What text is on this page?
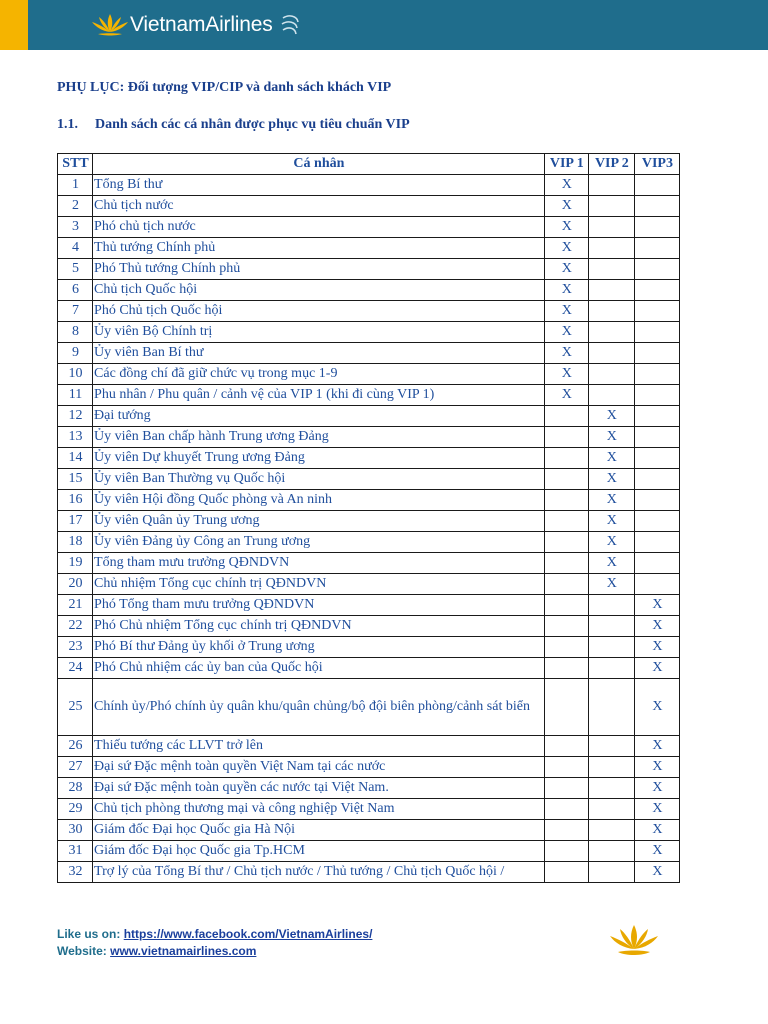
VietnamAirlines
PHỤ LỤC: Đối tượng VIP/CIP và danh sách khách VIP
1.1. Danh sách các cá nhân được phục vụ tiêu chuẩn VIP
STT	Cá nhân	VIP 1	VIP 2	VIP3
1	Tổng Bí thư	X		
2	Chủ tịch nước	X		
3	Phó chủ tịch nước	X		
4	Thủ tướng Chính phủ	X		
5	Phó Thủ tướng Chính phủ	X		
6	Chủ tịch Quốc hội	X		
7	Phó Chủ tịch Quốc hội	X		
8	Ủy viên Bộ Chính trị	X		
9	Ủy viên Ban Bí thư	X		
10	Các đồng chí đã giữ chức vụ trong mục 1-9	X		
11	Phu nhân / Phu quân / cảnh vệ của VIP 1 (khi đi cùng VIP 1)	X		
12	Đại tướng		X	
13	Ủy viên Ban chấp hành Trung ương Đảng		X	
14	Ủy viên Dự khuyết Trung ương Đảng		X	
15	Ủy viên Ban Thường vụ Quốc hội		X	
16	Ủy viên Hội đồng Quốc phòng và An ninh		X	
17	Ủy viên Quân ủy Trung ương		X	
18	Ủy viên Đảng ủy Công an Trung ương		X	
19	Tổng tham mưu trưởng QĐNDVN		X	
20	Chủ nhiệm Tổng cục chính trị QĐNDVN		X	
21	Phó Tổng tham mưu trưởng QĐNDVN			X
22	Phó Chủ nhiệm Tổng cục chính trị QĐNDVN			X
23	Phó Bí thư Đảng ủy khối ở Trung ương			X
24	Phó Chủ nhiệm các ủy ban của Quốc hội			X
25	Chính ủy/Phó chính ủy quân khu/quân chủng/bộ đội biên phòng/cảnh sát biển			X
26	Thiếu tướng các LLVT trở lên			X
27	Đại sứ Đặc mệnh toàn quyền Việt Nam tại các nước			X
28	Đại sứ Đặc mệnh toàn quyền các nước tại Việt Nam.			X
29	Chủ tịch phòng thương mại và công nghiệp Việt Nam			X
30	Giám đốc Đại học Quốc gia Hà Nội			X
31	Giám đốc Đại học Quốc gia Tp.HCM			X
32	Trợ lý của Tổng Bí thư / Chủ tịch nước / Thủ tướng / Chủ tịch Quốc hội /			X
Like us on: https://www.facebook.com/VietnamAirlines/
Website: www.vietnamairlines.com
